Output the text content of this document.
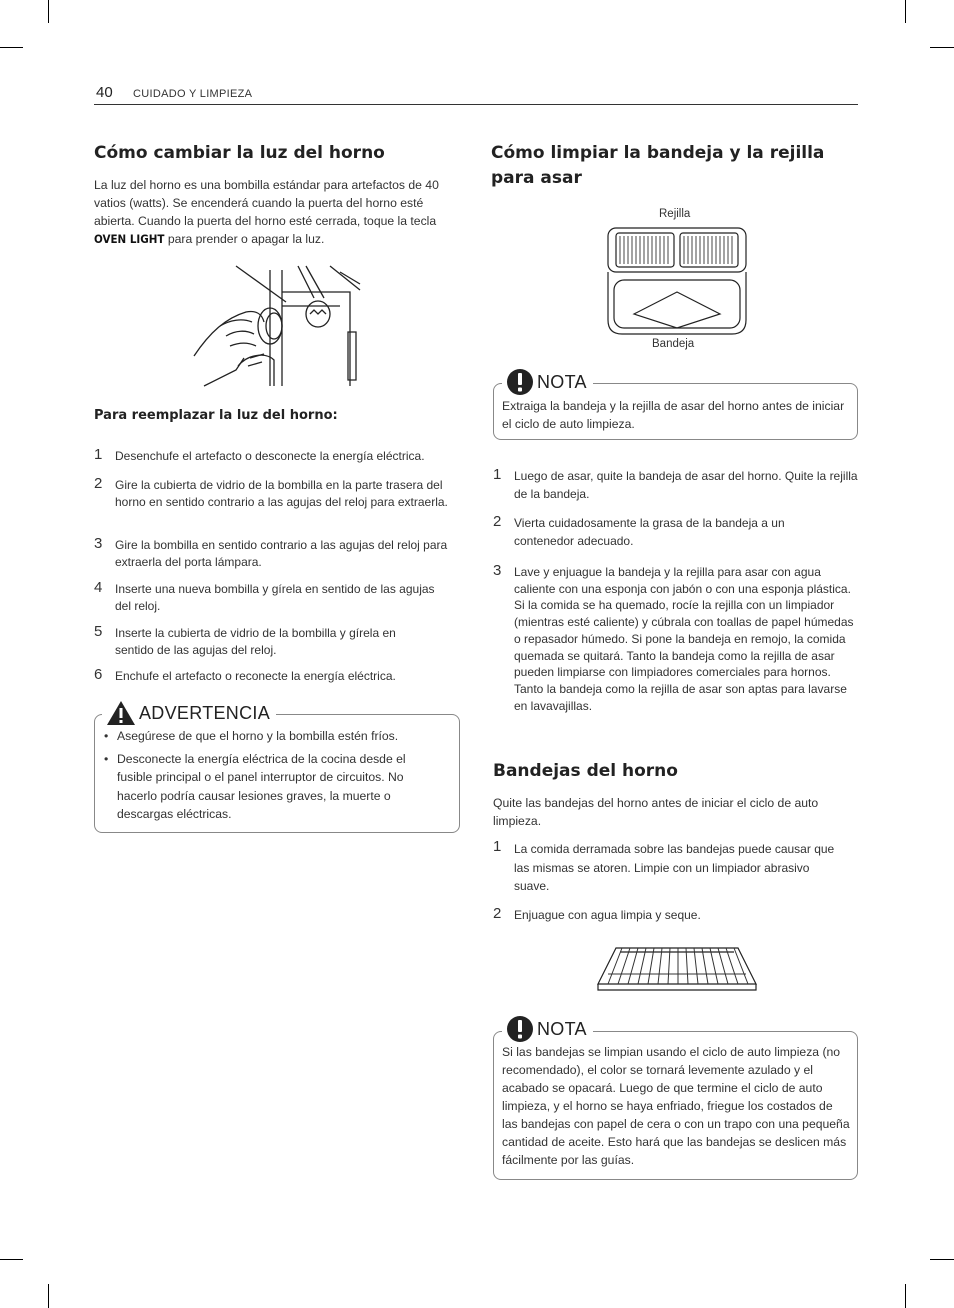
40 CUIDADO Y LIMPIEZA
Cómo cambiar la luz del horno

La luz del horno es una bombilla estándar para artefactos de 40 vatios (watts). Se encenderá cuando la puerta del horno esté abierta. Cuando la puerta del horno esté cerrada, toque la tecla OVEN LIGHT para prender o apagar la luz.

Para reemplazar la luz del horno:
1 Desenchufe el artefacto o desconecte la energía eléctrica.
2 Gire la cubierta de vidrio de la bombilla en la parte trasera del horno en sentido contrario a las agujas del reloj para extraerla.
3 Gire la bombilla en sentido contrario a las agujas del reloj para extraerla del porta lámpara.
4 Inserte una nueva bombilla y gírela en sentido de las agujas del reloj.
5 Inserte la cubierta de vidrio de la bombilla y gírela en sentido de las agujas del reloj.
6 Enchufe el artefacto o reconecte la energía eléctrica.
ADVERTENCIA
• Asegúrese de que el horno y la bombilla estén fríos.
• Desconecte la energía eléctrica de la cocina desde el fusible principal o el panel interruptor de circuitos. No hacerlo podría causar lesiones graves, la muerte o descargas eléctricas.
Cómo limpiar la bandeja y la rejilla para asar
Rejilla
Bandeja
NOTA
Extraiga la bandeja y la rejilla de asar del horno antes de iniciar el ciclo de auto limpieza.
1 Luego de asar, quite la bandeja de asar del horno. Quite la rejilla de la bandeja.
2 Vierta cuidadosamente la grasa de la bandeja a un contenedor adecuado.
3 Lave y enjuague la bandeja y la rejilla para asar con agua caliente con una esponja con jabón o con una esponja plástica. Si la comida se ha quemado, rocíe la rejilla con un limpiador (mientras esté caliente) y cúbrala con toallas de papel húmedas o repasador húmedo. Si pone la bandeja en remojo, la comida quemada se quitará. Tanto la bandeja como la rejilla de asar pueden limpiarse con limpiadores comerciales para hornos. Tanto la bandeja como la rejilla de asar son aptas para lavarse en lavavajillas.
Bandejas del horno

Quite las bandejas del horno antes de iniciar el ciclo de auto limpieza.

1 La comida derramada sobre las bandejas puede causar que las mismas se atoren. Limpie con un limpiador abrasivo suave.
2 Enjuague con agua limpia y seque.
NOTA
Si las bandejas se limpian usando el ciclo de auto limpieza (no recomendado), el color se tornará levemente azulado y el acabado se opacará. Luego de que termine el ciclo de auto limpieza, y el horno se haya enfriado, friegue los costados de las bandejas con papel de cera o con un trapo con una pequeña cantidad de aceite. Esto hará que las bandejas se deslicen más fácilmente por las guías.
